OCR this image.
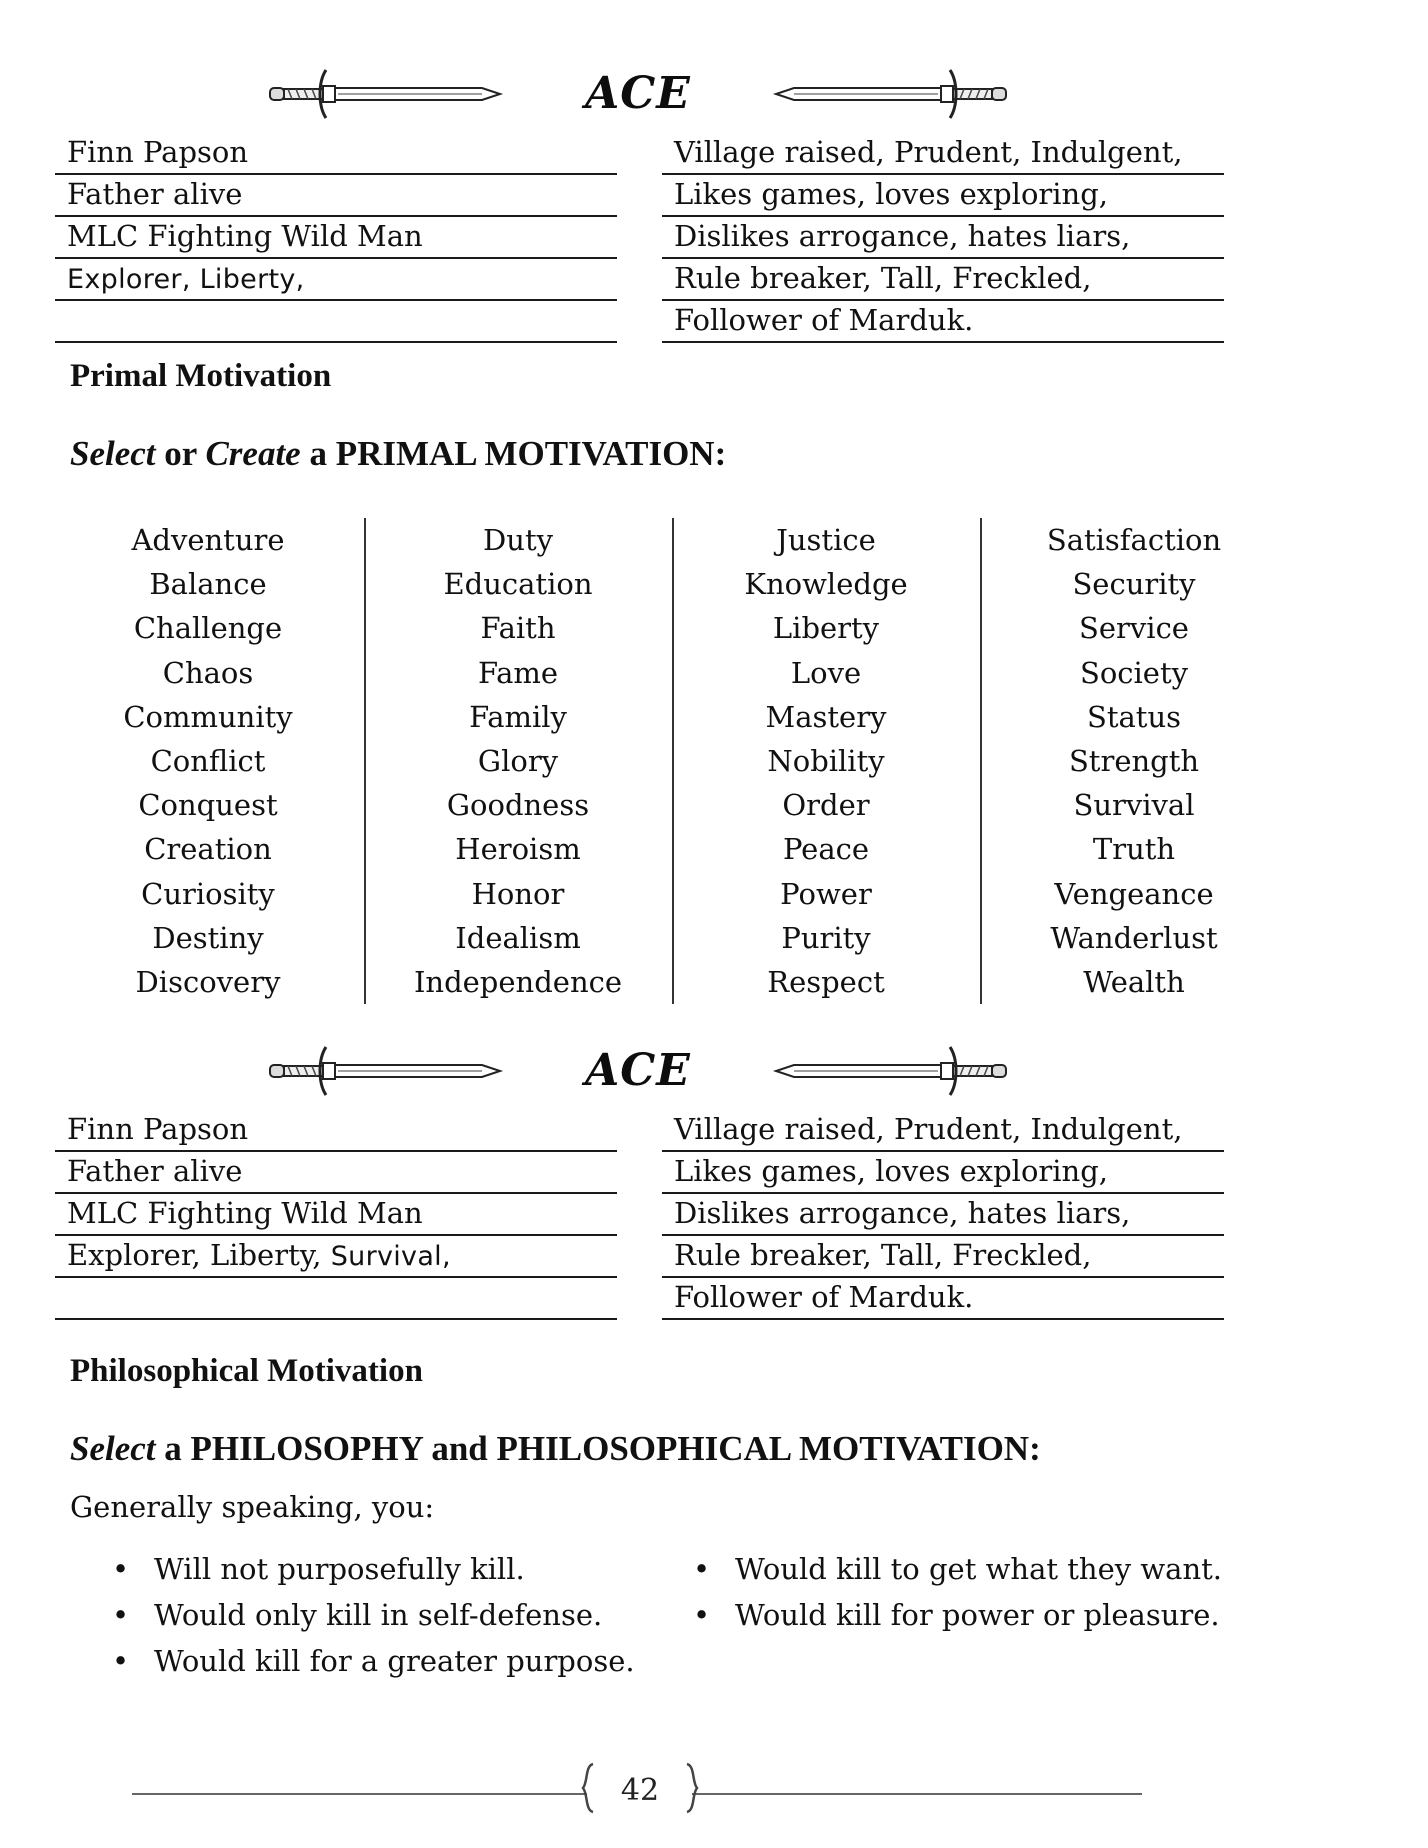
ACE
Finn Papson
Father alive
MLC Fighting Wild Man
Explorer, Liberty,
Village raised, Prudent, Indulgent,
Likes games, loves exploring,
Dislikes arrogance, hates liars,
Rule breaker, Tall, Freckled,
Follower of Marduk.
Primal Motivation
Select or Create a PRIMAL MOTIVATION:
Adventure
Balance
Challenge
Chaos
Community
Conflict
Conquest
Creation
Curiosity
Destiny
Discovery
Duty
Education
Faith
Fame
Family
Glory
Goodness
Heroism
Honor
Idealism
Independence
Justice
Knowledge
Liberty
Love
Mastery
Nobility
Order
Peace
Power
Purity
Respect
Satisfaction
Security
Service
Society
Status
Strength
Survival
Truth
Vengeance
Wanderlust
Wealth
ACE
Finn Papson
Father alive
MLC Fighting Wild Man
Explorer, Liberty, Survival,
Village raised, Prudent, Indulgent,
Likes games, loves exploring,
Dislikes arrogance, hates liars,
Rule breaker, Tall, Freckled,
Follower of Marduk.
Philosophical Motivation
Select a PHILOSOPHY and PHILOSOPHICAL MOTIVATION:
Generally speaking, you:
• Will not purposefully kill.
• Would only kill in self-defense.
• Would kill for a greater purpose.
• Would kill to get what they want.
• Would kill for power or pleasure.
42
